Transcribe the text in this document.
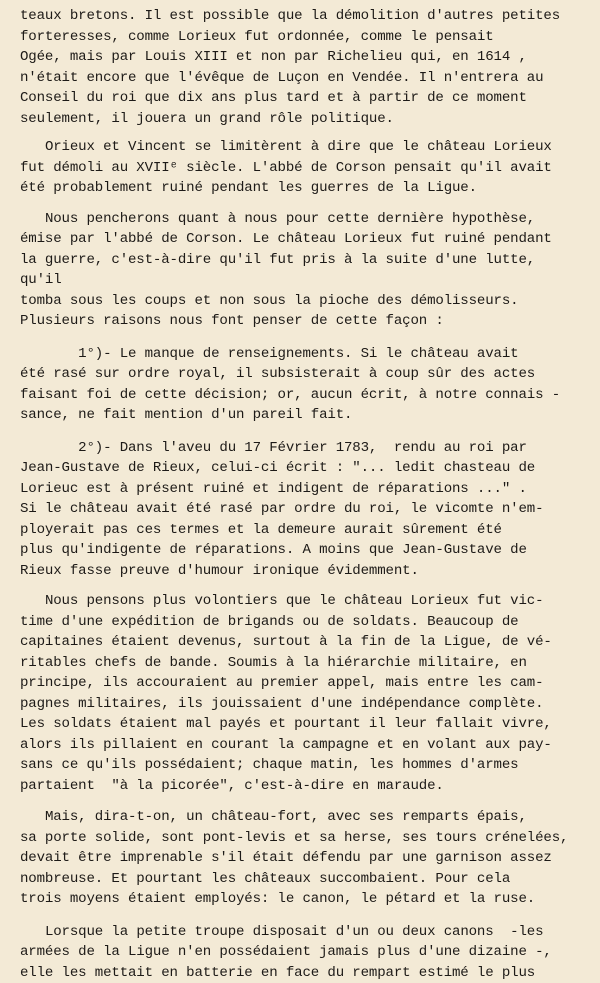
teaux bretons. Il est possible que la démolition d'autres petites
forteresses, comme Lorieux fut ordonnée, comme le pensait
Ogée, mais par Louis XIII et non par Richelieu qui, en 1614 ,
n'était encore que l'évêque de Luçon en Vendée. Il n'entrera au
Conseil du roi que dix ans plus tard et à partir de ce moment
seulement, il jouera un grand rôle politique.

Orieux et Vincent se limitèrent à dire que le château Lorieux
fut démoli au XVIIᵉ siècle. L'abbé de Corson pensait qu'il avait
été probablement ruiné pendant les guerres de la Ligue.

Nous pencherons quant à nous pour cette dernière hypothèse,
émise par l'abbé de Corson. Le château Lorieux fut ruiné pendant
la guerre, c'est-à-dire qu'il fut pris à la suite d'une lutte, qu'il
tomba sous les coups et non sous la pioche des démolisseurs.
Plusieurs raisons nous font penser de cette façon :

1°)- Le manque de renseignements. Si le château avait
été rasé sur ordre royal, il subsisterait à coup sûr des actes
faisant foi de cette décision; or, aucun écrit, à notre connais -
sance, ne fait mention d'un pareil fait.

2°)- Dans l'aveu du 17 Février 1783,  rendu au roi par
Jean-Gustave de Rieux, celui-ci écrit : "... ledit chasteau de
Lorieuc est à présent ruiné et indigent de réparations ..." .
Si le château avait été rasé par ordre du roi, le vicomte n'em-
ployerait pas ces termes et la demeure aurait sûrement été
plus qu'indigente de réparations. A moins que Jean-Gustave de
Rieux fasse preuve d'humour ironique évidemment.

Nous pensons plus volontiers que le château Lorieux fut vic-
time d'une expédition de brigands ou de soldats. Beaucoup de
capitaines étaient devenus, surtout à la fin de la Ligue, de vé-
ritables chefs de bande. Soumis à la hiérarchie militaire, en
principe, ils accouraient au premier appel, mais entre les cam-
pagnes militaires, ils jouissaient d'une indépendance complète.
Les soldats étaient mal payés et pourtant il leur fallait vivre,
alors ils pillaient en courant la campagne et en volant aux pay-
sans ce qu'ils possédaient; chaque matin, les hommes d'armes
partaient  "à la picorée", c'est-à-dire en maraude.

Mais, dira-t-on, un château-fort, avec ses remparts épais,
sa porte solide, sont pont-levis et sa herse, ses tours crénelées,
devait être imprenable s'il était défendu par une garnison assez
nombreuse. Et pourtant les châteaux succombaient. Pour cela
trois moyens étaient employés: le canon, le pétard et la ruse.

Lorsque la petite troupe disposait d'un ou deux canons  -les
armées de la Ligue n'en possédaient jamais plus d'une dizaine -,
elle les mettait en batterie en face du rempart estimé le plus
